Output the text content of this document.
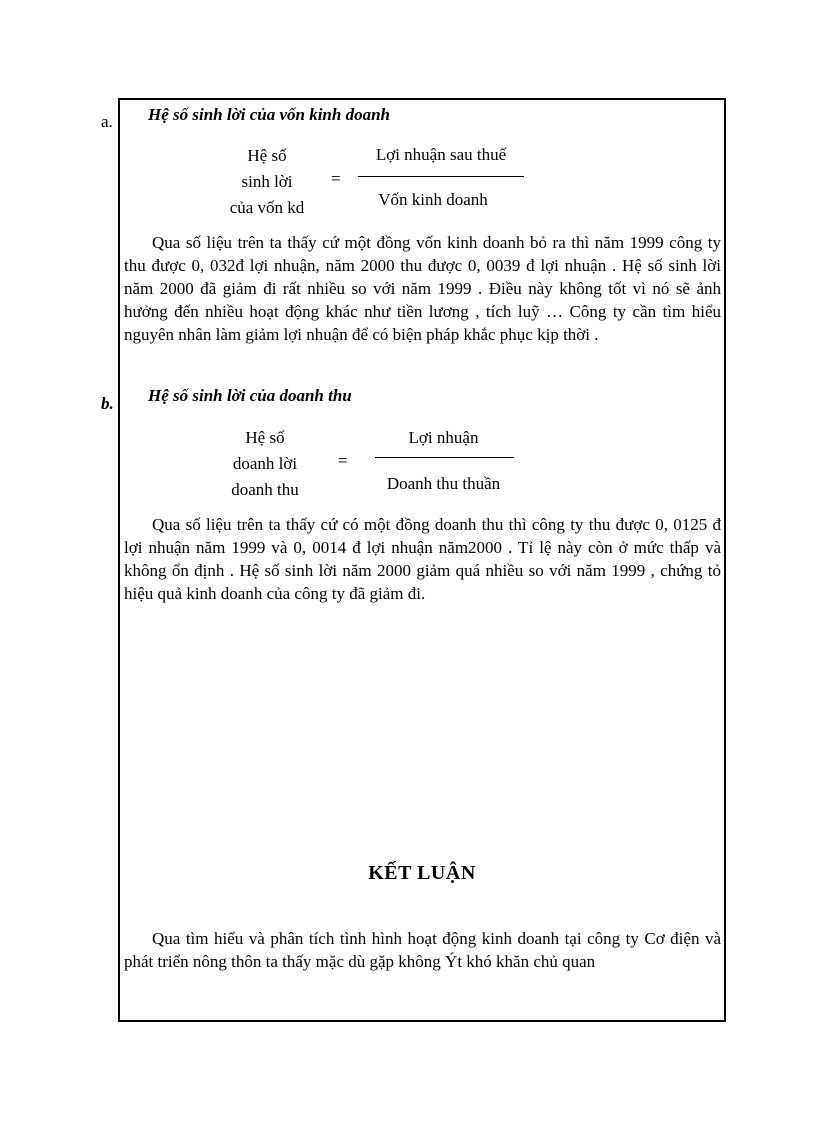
a. Hệ số sinh lời của vốn kinh doanh
Hệ số
sinh lời
của vốn kd
=
Lợi nhuận sau thuế
Vốn kinh doanh

Qua số liệu trên ta thấy cứ một đồng vốn kinh doanh bỏ ra thì năm 1999 công ty thu được 0, 032đ lợi nhuận, năm 2000 thu được 0, 0039 đ lợi nhuận . Hệ số sinh lời năm 2000 đã giảm đi rất nhiều so với năm 1999 . Điều này không tốt vì nó sẽ ảnh hưởng đến nhiều hoạt động khác như tiền lương , tích luỹ … Công ty cần tìm hiểu nguyên nhân làm giảm lợi nhuận để có biện pháp khắc phục kịp thời .

b. Hệ số sinh lời của doanh thu
Hệ số
doanh lời
doanh thu
=
Lợi nhuận
Doanh thu thuần

Qua số liệu trên ta thấy cứ có một đồng doanh thu thì công ty thu được 0, 0125 đ lợi nhuận năm 1999 và 0, 0014 đ lợi nhuận năm2000 . Tỉ lệ này còn ở mức thấp và không ổn định . Hệ số sinh lời năm 2000 giảm quá nhiều so với năm 1999 , chứng tỏ hiệu quả kinh doanh của công ty đã giảm đi.

KẾT LUẬN

Qua tìm hiểu và phân tích tình hình hoạt động kinh doanh tại công ty Cơ điện và phát triển nông thôn ta thấy mặc dù gặp không Ýt khó khăn chủ quan
